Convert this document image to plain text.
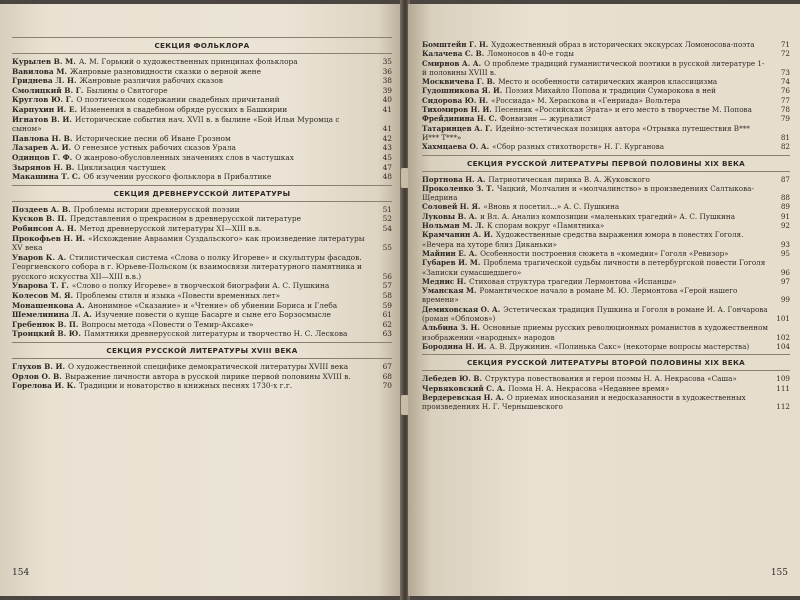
СЕКЦИЯ ФОЛЬКЛОРА
Курылев В. М. А. М. Горький о художественных принципах фольклора	35
Вавилова М. Жанровые разновидности сказки о верной жене	36
Гриднева Л. Н. Жанровые различия рабочих сказов	38
Смолицкий В. Г. Былины о Святогоре	39
Круглов Ю. Г. О поэтическом содержании свадебных причитаний	40
Карпухин И. Е. Изменения в свадебном обряде русских в Башкирии	41
Игнатов В. И. Исторические события нач. XVII в. в былине «Бой Ильи Муромца с сыном»	41
Павлова Н. В. Исторические песни об Иване Грозном	42
Лазарев А. И. О генезисе устных рабочих сказов Урала	43
Одинцов Г. Ф. О жанрово-обусловленных значениях слов в частушках	45
Зырянов Н. В. Циклизация частушек	47
Макашина Т. С. Об изучении русского фольклора в Прибалтике	48
СЕКЦИЯ ДРЕВНЕРУССКОЙ ЛИТЕРАТУРЫ
Поздеев А. В. Проблемы истории древнерусской поэзии	51
Кусков В. П. Представления о прекрасном в древнерусской литературе	52
Робинсон А. Н. Метод древнерусской литературы XI—XIII в.в.	54
Прокофьев Н. И. «Исхождение Авраамия Суздальского» как произведение литературы XV века	55
Уваров К. А. Стилистическая система «Слова о полку Игореве» и скульптуры фасадов. Георгиевского собора в г. Юрьеве-Польском (к взаимосвязи литературного памятника и русского искусства XII—XIII в.в.)	56
Уварова Т. Г. «Слово о полку Игореве» в творческой биографии А. С. Пушкина	57
Колесов М. Я. Проблемы стиля и языка «Повести временных лет»	58
Монашенкова А. Анонимное «Сказание» и «Чтение» об убиении Бориса и Глеба	59
Шемелинина Л. А. Изучение повести о купце Басарге и сыне его Борзосмысле	61
Гребенюк В. П. Вопросы метода «Повести о Темир-Аксаке»	62
Троицкий В. Ю. Памятники древнерусской литературы и творчество Н. С. Лескова	63
СЕКЦИЯ РУССКОЙ ЛИТЕРАТУРЫ XVIII ВЕКА
Глухов В. И. О художественной специфике демократической литературы XVIII века	67
Орлов О. В. Выражение личности автора в русской лирике первой половины XVIII в.	68
Горелова И. К. Традиции и новаторство в книжных песнях 1730-х г.г.	70
154
Бомштейн Г. Н. Художественный образ в исторических экскурсах Ломоносова-поэта	71
Калачева С. В. Ломоносов в 40-е годы	72
Смирнов А. А. О проблеме традиций гуманистической поэтики в русской литературе 1-й половины XVIII в.	73
Москвичева Г. В. Место и особенности сатирических жанров классицизма	74
Гудошникова Я. И. Поэзия Михайло Попова и традиции Сумарокова в ней	76
Сидорова Ю. Н. «Россиада» М. Херaскова и «Генриада» Вольтера	77
Тихомиров Н. И. Песенник «Российская Эрата» и его место в творчестве М. Попова	78
Фрейдинина Н. С. Фонвизин — журналист	79
Татаринцев А. Г. Идейно-эстетическая позиция автора «Отрывка путешествия В*** И*** Т***»	81
Хахмцаева О. А. «Сбор разных стихотворств» Н. Г. Курганова	82
СЕКЦИЯ РУССКОЙ ЛИТЕРАТУРЫ ПЕРВОЙ ПОЛОВИНЫ XIX ВЕКА
Портнова Н. А. Патриотическая лирика В. А. Жуковского	87
Проколенко З. Т. Чацкий, Молчалин и «молчалинство» в произведениях Салтыкова-Щедрина	88
Соловей Н. Я. «Вновь я посетил...» А. С. Пушкина	89
Луковы В. А. и Вл. А. Анализ композиции «маленьких трагедий» А. С. Пушкина	91
Нольман М. Л. К спорам вокруг «Памятника»	92
Крамчанин А. И. Художественные средства выражения юмора в повестях Гоголя. «Вечера на хуторе близ Диканьки»	93
Майнин Е. А. Особенности построения сюжета в «комедии» Гоголя «Ревизор»	95
Губарев И. М. Проблема трагической судьбы личности в петербургской повести Гоголя «Записки сумасшедшего»	96
Меднис Н. Стиховая структура трагедии Лермонтова «Испанцы»	97
Уманская М. Романтическое начало в романе М. Ю. Лермонтова «Герой нашего времени»	99
Демиховская О. А. Эстетическая традиция Пушкина и Гоголя в романе И. А. Гончарова (роман «Обломов»)	101
Альбина З. Н. Основные приемы русских революционных романистов в художественном изображении «народных» народов	102
Бородина Н. И. А. В. Дружинин. «Полинька Сакс» (некоторые вопросы мастерства)	104
СЕКЦИЯ РУССКОЙ ЛИТЕРАТУРЫ ВТОРОЙ ПОЛОВИНЫ XIX ВЕКА
Лебедев Ю. В. Структура повествования и герои поэмы Н. А. Некрасова «Саша»	109
Червяковский С. А. Поэма Н. А. Некрасова «Недавнее время»	111
Вердеревская Н. А. О приемах иносказания и недосказанности в художественных произведениях Н. Г. Чернышевского	112
155
